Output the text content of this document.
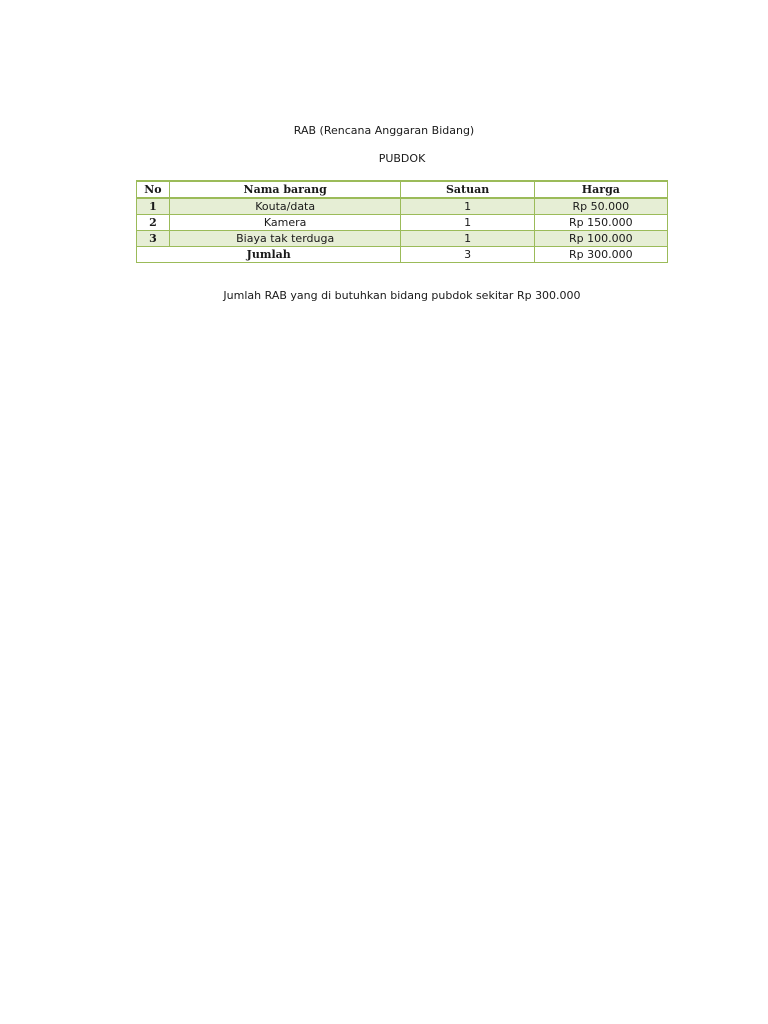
RAB (Rencana Anggaran Bidang)

PUBDOK

No	Nama barang	Satuan	Harga
1	Kouta/data	1	Rp 50.000
2	Kamera	1	Rp 150.000
3	Biaya tak terduga	1	Rp 100.000
Jumlah		3	Rp 300.000

Jumlah RAB yang di butuhkan bidang pubdok sekitar Rp 300.000
